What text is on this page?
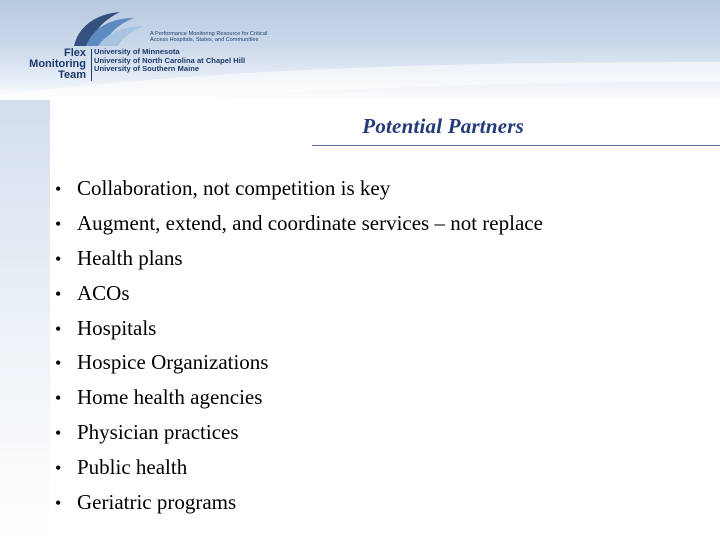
A Performance Monitoring Resource for Critical Access Hospitals, States, and Communities
Flex
Monitoring
Team
University of Minnesota
University of North Carolina at Chapel Hill
University of Southern Maine
Potential Partners
• Collaboration, not competition is key
• Augment, extend, and coordinate services – not replace
• Health plans
• ACOs
• Hospitals
• Hospice Organizations
• Home health agencies
• Physician practices
• Public health
• Geriatric programs
